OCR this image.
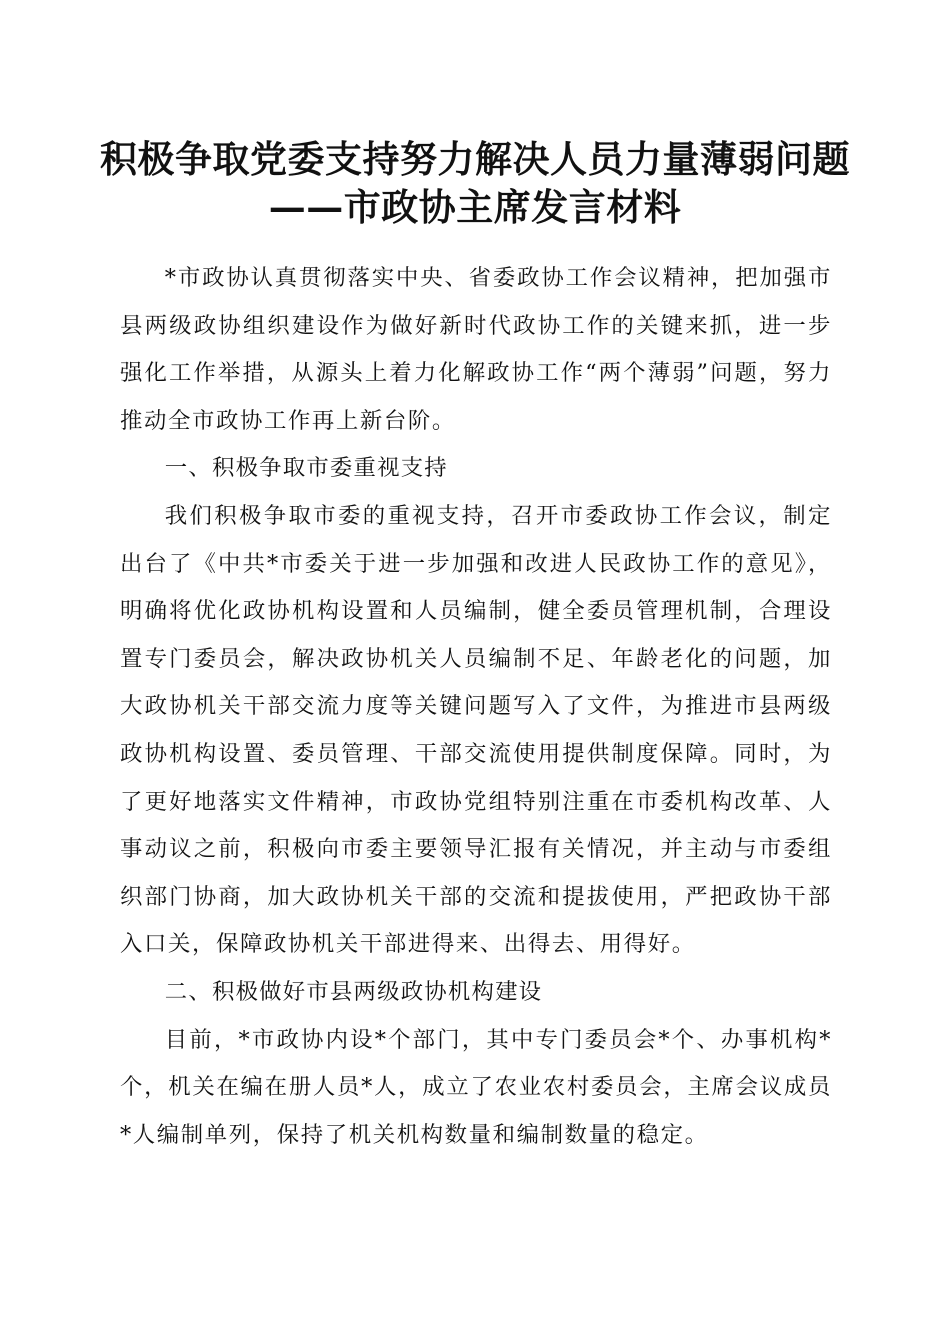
积极争取党委支持努力解决人员力量薄弱问题
——市政协主席发言材料

*市政协认真贯彻落实中央、省委政协工作会议精神，把加强市县两级政协组织建设作为做好新时代政协工作的关键来抓，进一步强化工作举措，从源头上着力化解政协工作“两个薄弱”问题，努力推动全市政协工作再上新台阶。

一、积极争取市委重视支持

我们积极争取市委的重视支持，召开市委政协工作会议，制定出台了《中共*市委关于进一步加强和改进人民政协工作的意见》，明确将优化政协机构设置和人员编制，健全委员管理机制，合理设置专门委员会，解决政协机关人员编制不足、年龄老化的问题，加大政协机关干部交流力度等关键问题写入了文件，为推进市县两级政协机构设置、委员管理、干部交流使用提供制度保障。同时，为了更好地落实文件精神，市政协党组特别注重在市委机构改革、人事动议之前，积极向市委主要领导汇报有关情况，并主动与市委组织部门协商，加大政协机关干部的交流和提拔使用，严把政协干部入口关，保障政协机关干部进得来、出得去、用得好。

二、积极做好市县两级政协机构建设

目前，*市政协内设*个部门，其中专门委员会*个、办事机构*个，机关在编在册人员*人，成立了农业农村委员会，主席会议成员*人编制单列，保持了机关机构数量和编制数量的稳定。
